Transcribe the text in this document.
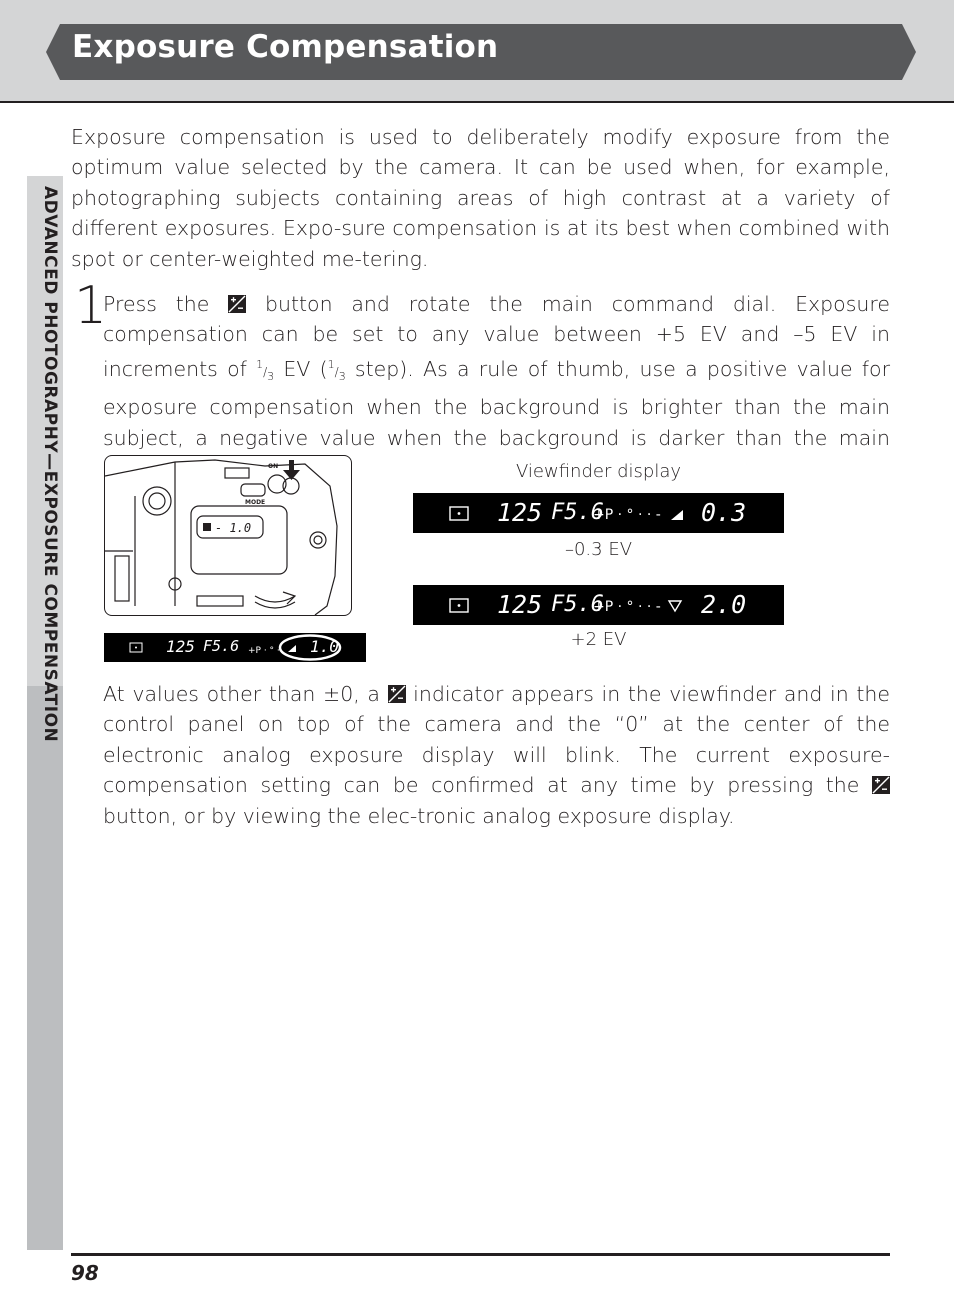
Exposure Compensation
ADVANCED PHOTOGRAPHY—EXPOSURE COMPENSATION

Exposure compensation is used to deliberately modify exposure from the optimum value selected by the camera. It can be used when, for example, photographing subjects containing areas of high contrast at a variety of different exposures. Expo-sure compensation is at its best when combined with spot or center-weighted me-tering.

1

Press the  button and rotate the main command dial. Exposure compensation can be set to any value between +5 EV and –5 EV in increments of $^1/_3$ EV ($^1/_3$ step). As a rule of thumb, use a positive value for exposure compensation when the background is brighter than the main subject, a negative value when the background is darker than the main

MODE
ON
- 1.0
+P · ° ·
125 F5.6	1.0
Viewfinder display
+P · ° · · -
125 F5.6	0.3
–0.3 EV
+P · ° · · -
125 F5.6	2.0
+2 EV

At values other than ±0, a  indicator appears in the viewfinder and in the control panel on top of the camera and the “0” at the center of the electronic analog exposure display will blink. The current exposure-compensation setting can be confirmed at any time by pressing the  button, or by viewing the elec-tronic analog exposure display.

98
